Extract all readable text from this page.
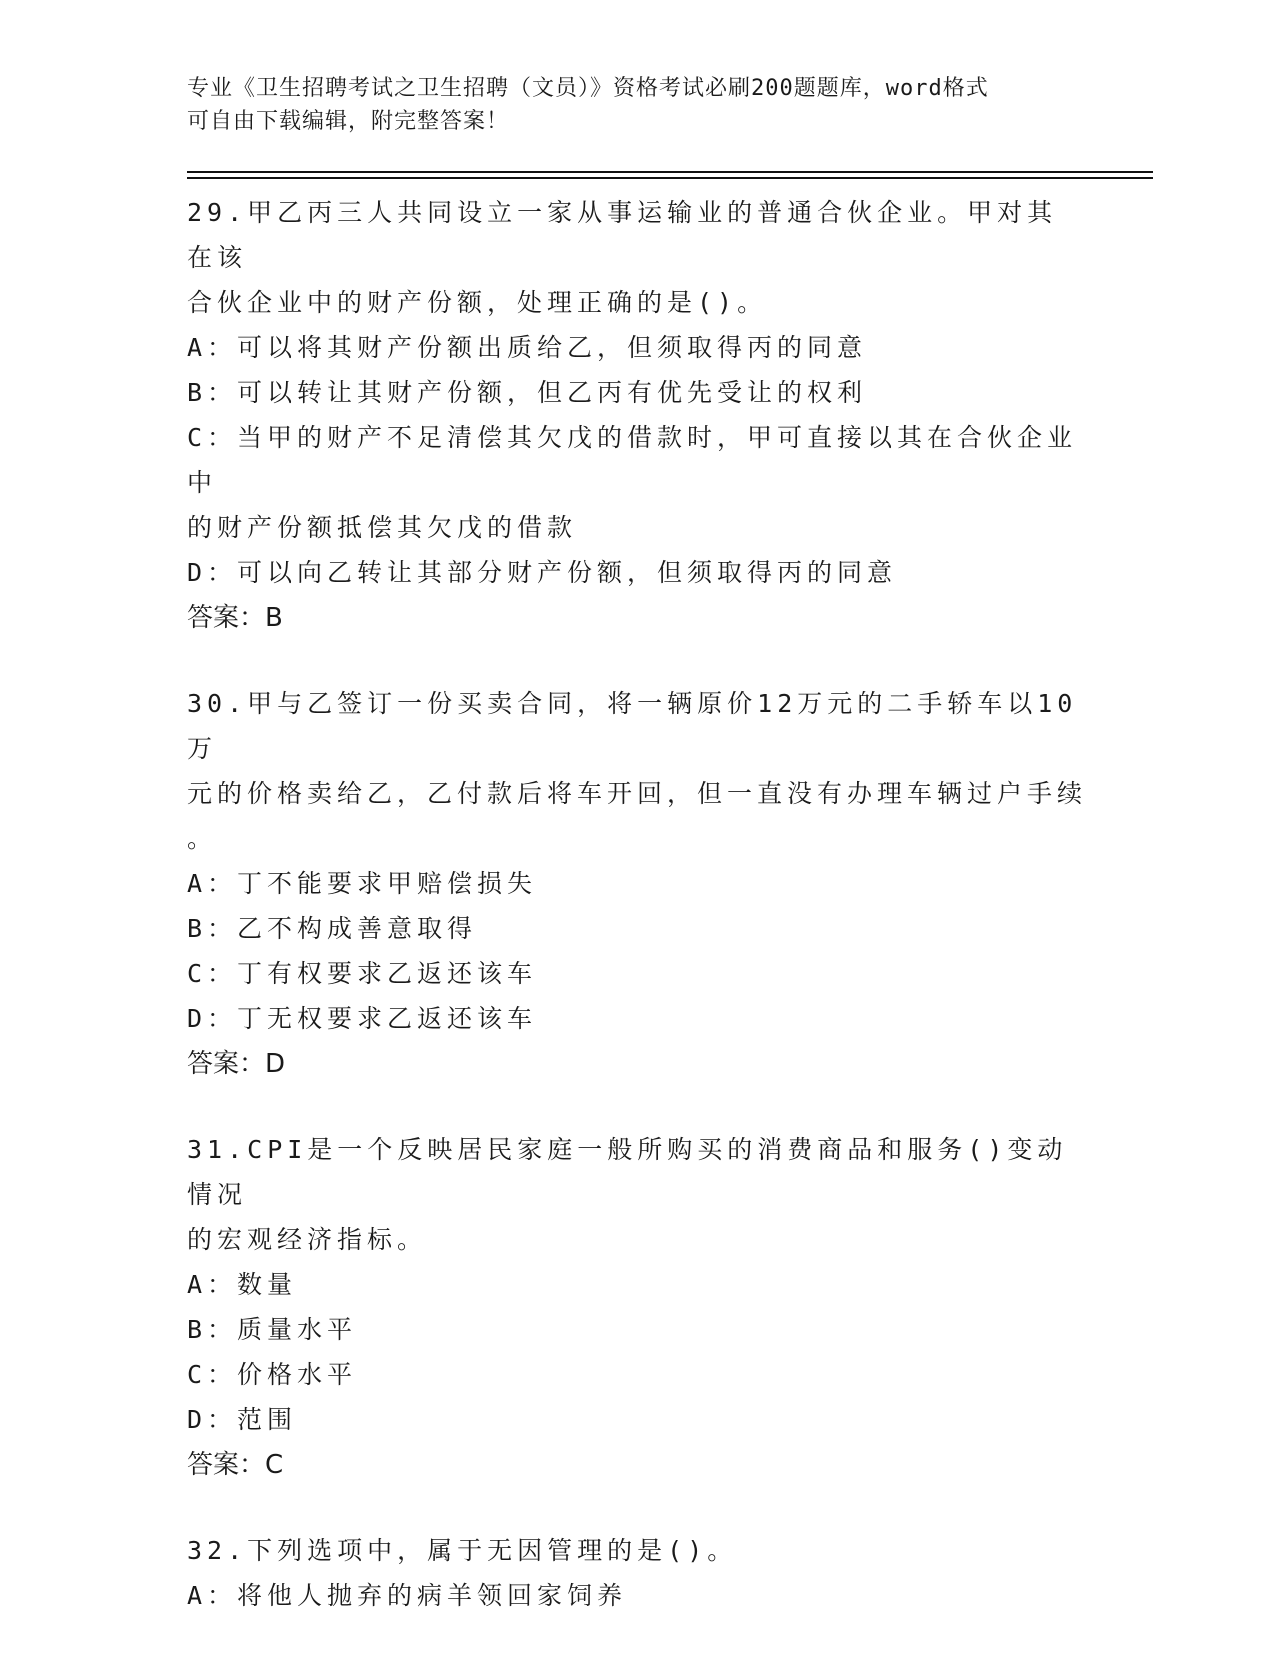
专业《卫生招聘考试之卫生招聘（文员）》资格考试必刷200题题库，word格式
可自由下载编辑，附完整答案！

29.甲乙丙三人共同设立一家从事运输业的普通合伙企业。甲对其在该

合伙企业中的财产份额，处理正确的是()。

A：可以将其财产份额出质给乙，但须取得丙的同意

B：可以转让其财产份额，但乙丙有优先受让的权利

C：当甲的财产不足清偿其欠戊的借款时，甲可直接以其在合伙企业中

的财产份额抵偿其欠戊的借款

D：可以向乙转让其部分财产份额，但须取得丙的同意

答案：B

30.甲与乙签订一份买卖合同，将一辆原价12万元的二手轿车以10万

元的价格卖给乙，乙付款后将车开回，但一直没有办理车辆过户手续

。

A：丁不能要求甲赔偿损失

B：乙不构成善意取得

C：丁有权要求乙返还该车

D：丁无权要求乙返还该车

答案：D

31.CPI是一个反映居民家庭一般所购买的消费商品和服务()变动情况

的宏观经济指标。

A：数量

B：质量水平

C：价格水平

D：范围

答案：C

32.下列选项中，属于无因管理的是()。

A：将他人抛弃的病羊领回家饲养
